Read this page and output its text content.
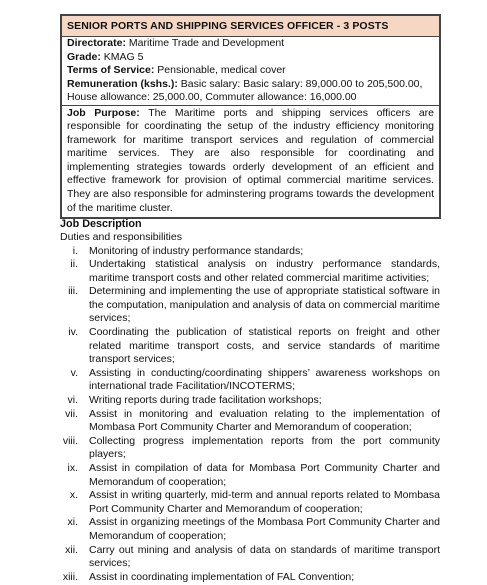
SENIOR PORTS AND SHIPPING SERVICES OFFICER - 3 POSTS
Directorate: Maritime Trade and Development
Grade: KMAG 5
Terms of Service: Pensionable, medical cover
Remuneration (kshs.): Basic salary: Basic salary: 89,000.00 to 205,500.00,
House allowance: 25,000.00, Commuter allowance: 16,000.00
Job Purpose: The Maritime ports and shipping services officers are responsible for coordinating the setup of the industry efficiency monitoring framework for maritime transport services and regulation of commercial maritime services. They are also responsible for coordinating and implementing strategies towards orderly development of an efficient and effective framework for provision of optimal commercial maritime services. They are also responsible for adminstering programs towards the development of the maritime cluster.
Job Description
Duties and responsibilities
i. Monitoring of industry performance standards;
ii. Undertaking statistical analysis on industry performance standards, maritime transport costs and other related commercial maritime activities;
iii. Determining and implementing the use of appropriate statistical software in the computation, manipulation and analysis of data on commercial maritime services;
iv. Coordinating the publication of statistical reports on freight and other related maritime transport costs, and service standards of maritime transport services;
v. Assisting in conducting/coordinating shippers’ awareness workshops on international trade Facilitation/INCOTERMS;
vi. Writing reports during trade facilitation workshops;
vii. Assist in monitoring and evaluation relating to the implementation of Mombasa Port Community Charter and Memorandum of cooperation;
viii. Collecting progress implementation reports from the port community players;
ix. Assist in compilation of data for Mombasa Port Community Charter and Memorandum of cooperation;
x. Assist in writing quarterly, mid-term and annual reports related to Mombasa Port Community Charter and Memorandum of cooperation;
xi. Assist in organizing meetings of the Mombasa Port Community Charter and Memorandum of cooperation;
xii. Carry out mining and analysis of data on standards of maritime transport services;
xiii. Assist in coordinating implementation of FAL Convention;
